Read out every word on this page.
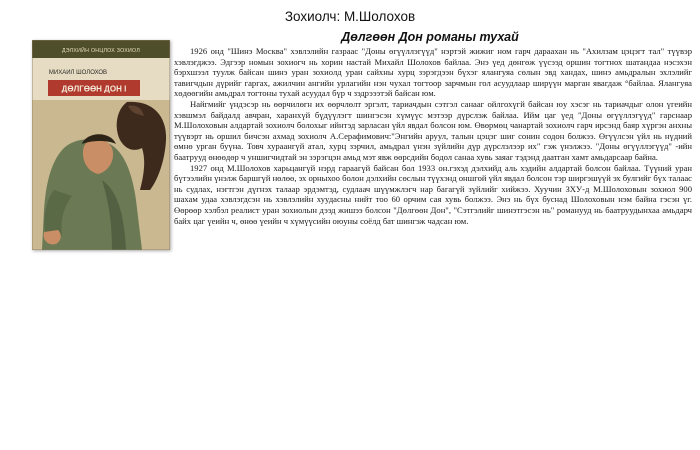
Зохиолч: М.Шолохов
Дөлгөөн Дон романы тухай
ДЭЛХИЙН ОНЦЛОХ ЗОХИОЛ
МИХАИЛ ШОЛОХОВ
ДӨЛГӨӨН ДОН I

1926 онд "Шинэ Москва" хэвлэлийн газраас "Доны өгүүллэгүүд" нэртэй жижиг ном гарч дараахан нь "Ахилзам цэцэгт тал" түүвэр хэвлэгджээ. Эдгээр номын зохиогч нь хорин настай Михайл Шолохов байлаа. Энэ үед дөнгөж үүсээд оршин тогтнох шатандаа нэсэхэн бэрхшээл туулж байсан шинэ уран зохиолд уран сайхны хурц зэрэгдээн бүхэг ялангуяа сөлын эвд хандах, шинэ амьдралын эхлэлийг тавигчдын дүрийг гаргах, ажилчин ангийн урлагийн нэн чухал тогтоор зарчмын гол асуудлаар ширүүн марган явагдаж °байлаа. Ялангуяа хөдөөгийн амьдрал тогтоны тухай асуудал бүр ч зэдрэээтэй байсан юм.

Найгмийг үндэсэр нь өөрчилөгн их өөрчлөлт эргэлт, тариачдын сэтгэл санааг ойлгохүгй байсан юу хэсэг нь тариачдыг олон үгеийн хэвшмэл байдалд авчран, харанхүй бүдүүлэгт шингэсэн хүмүүс мэтээр дүрслэж байлаа. Ийм цаг үед "Доны өгүүллэгүүд" гарснаар М.Шолоховын алдартай зохиолч болохыг ийнтэд зарласан үйл явдал болсон юм. Өвөрмөц чанартай зохиолч гарч ирсэнд баяр хүргэн анхны түүвэрт нь оршил бичсэн ахмад зохиолч А.Серафимович:"Энгийн аруул, талын цэцэг шиг сонин содон болжээ. Өгүүлсэн үйл нь нүдний өмнө урган буүна. Товч хураангүй атал, хурц зэрчил, амьдрал үнэн зүйлийн дүр дүрслэлээр их" гэж үнэлжээ. "Доны өгүүллэгүүд" -ийн баатрууд өнөөдөр ч уншигчидтай эн зэрэгцэн амьд мэт явж өөрсдийн бодол санаа хувь заяаг тэдэнд даатган хамт амьдарсаар байна.

1927 онд М.Шолохов харьцангүй нэрд гараагүй байсан бол 1933 он.гэхэд дэлхийд аль хэдийн алдартай болсон байлаа. Түүний уран бүтээлийн үнэлж баршгүй нөлөө, эх орныхоо болон дэлхийн сөслын түүхэнд оншгой үйл явдал болсон тэр ширгэшүүй эх булгийг бүх талаас нь судлах, нэгтгэн дүгнэх талаар эрдэмтэд, судлаач шүүмжлэгч нар багагүй зүйлийг хийжээ. Хуучин ЗХУ-д М.Шолоховын зохиол 900 шахам удаа хэвлэгдсэн нь хэвлэлийн хуудасны нийт тоо 60 орчим сая хувь болжээ. Энэ нь бүх буснад Шолоховын нэм байна гэсэн үг. Өөрөөр хэлбэл реалист уран зохиолын дээд жишээ болсон "Дөлгөөн Дон", "Сэтгэлийг шинэтгэсэн нь" романууд нь баатруудынхаа амьдарч байх цаг үеийн ч, өнөө үеийн ч хүмүүсийн оюуны соёлд бат шингэж чадсан юм.
